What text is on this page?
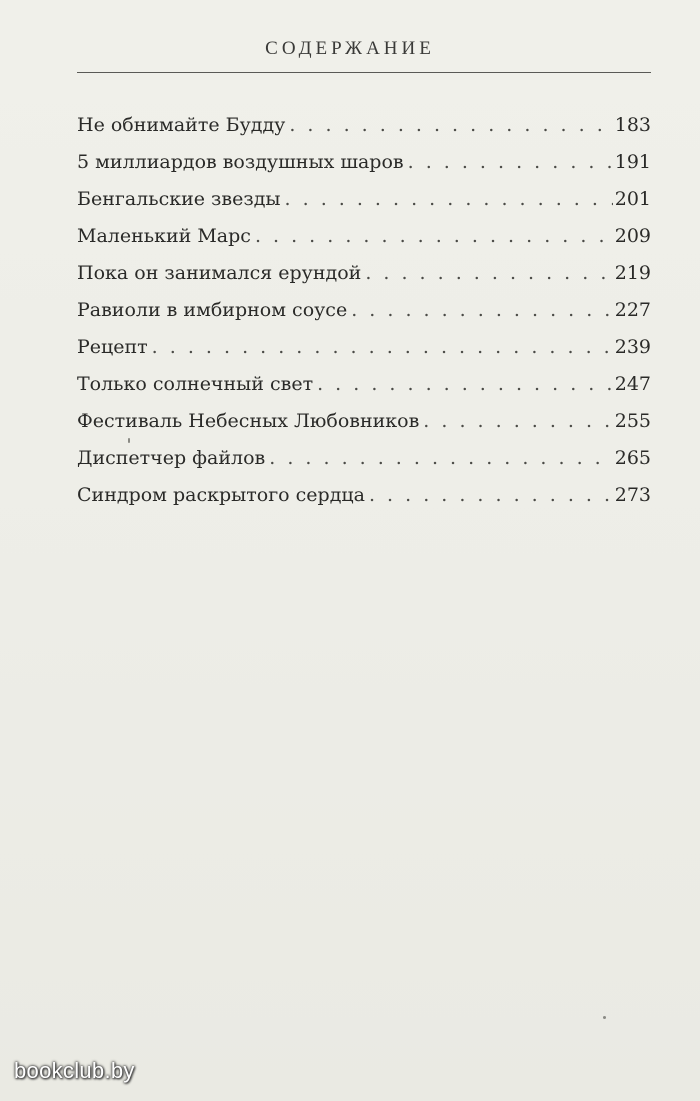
СОДЕРЖАНИЕ
Не обнимайте Будду . . .	183
5 миллиардов воздушных шаров . . .	191
Бенгальские звезды . . .	201
Маленький Марс . . .	209
Пока он занимался ерундой . . .	219
Равиоли в имбирном соусе . . .	227
Рецепт . . .	239
Только солнечный свет . . .	247
Фестиваль Небесных Любовников . . .	255
Диспетчер файлов . . .	265
Синдром раскрытого сердца . . .	273
bookclub.by
